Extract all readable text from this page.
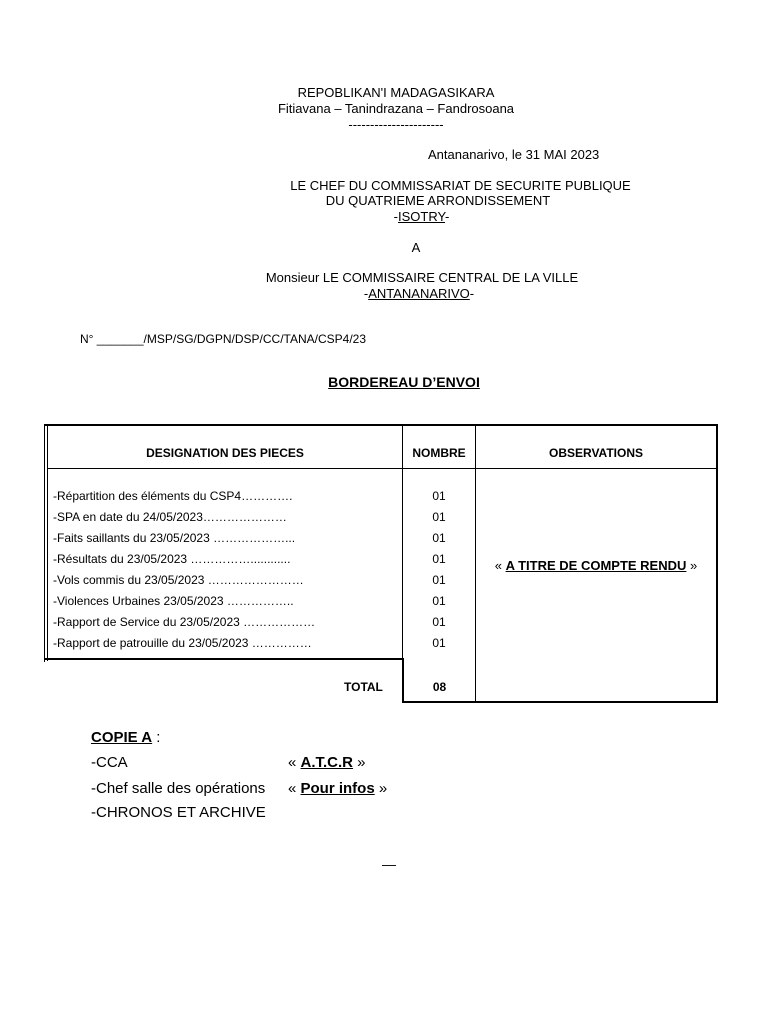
REPOBLIKAN'I MADAGASIKARA
Fitiavana – Tanindrazana – Fandrosoana
----------------------
Antananarivo, le 31 MAI 2023
LE CHEF DU COMMISSARIAT DE SECURITE PUBLIQUE
DU QUATRIEME ARRONDISSEMENT
-ISOTRY-
A
Monsieur LE COMMISSAIRE CENTRAL DE LA VILLE
-ANTANANARIVO-
N° _______/MSP/SG/DGPN/DSP/CC/TANA/CSP4/23
BORDEREAU D’ENVOI
DESIGNATION DES PIECES	NOMBRE	OBSERVATIONS
-Répartition des éléments du CSP4………….	01
-SPA en date du 24/05/2023…………………	01
-Faits saillants du 23/05/2023 ………………...	01
-Résultats du 23/05/2023 ……………............	01
-Vols commis du 23/05/2023 ……………………	01
-Violences Urbaines 23/05/2023 ……………..	01
-Rapport de Service du 23/05/2023 ………………	01
-Rapport de patrouille du 23/05/2023 ……………	01
« A TITRE DE COMPTE RENDU »
TOTAL	08
COPIE A :
-CCA	« A.T.C.R »
-Chef salle des opérations « Pour infos »
-CHRONOS ET ARCHIVE
—
